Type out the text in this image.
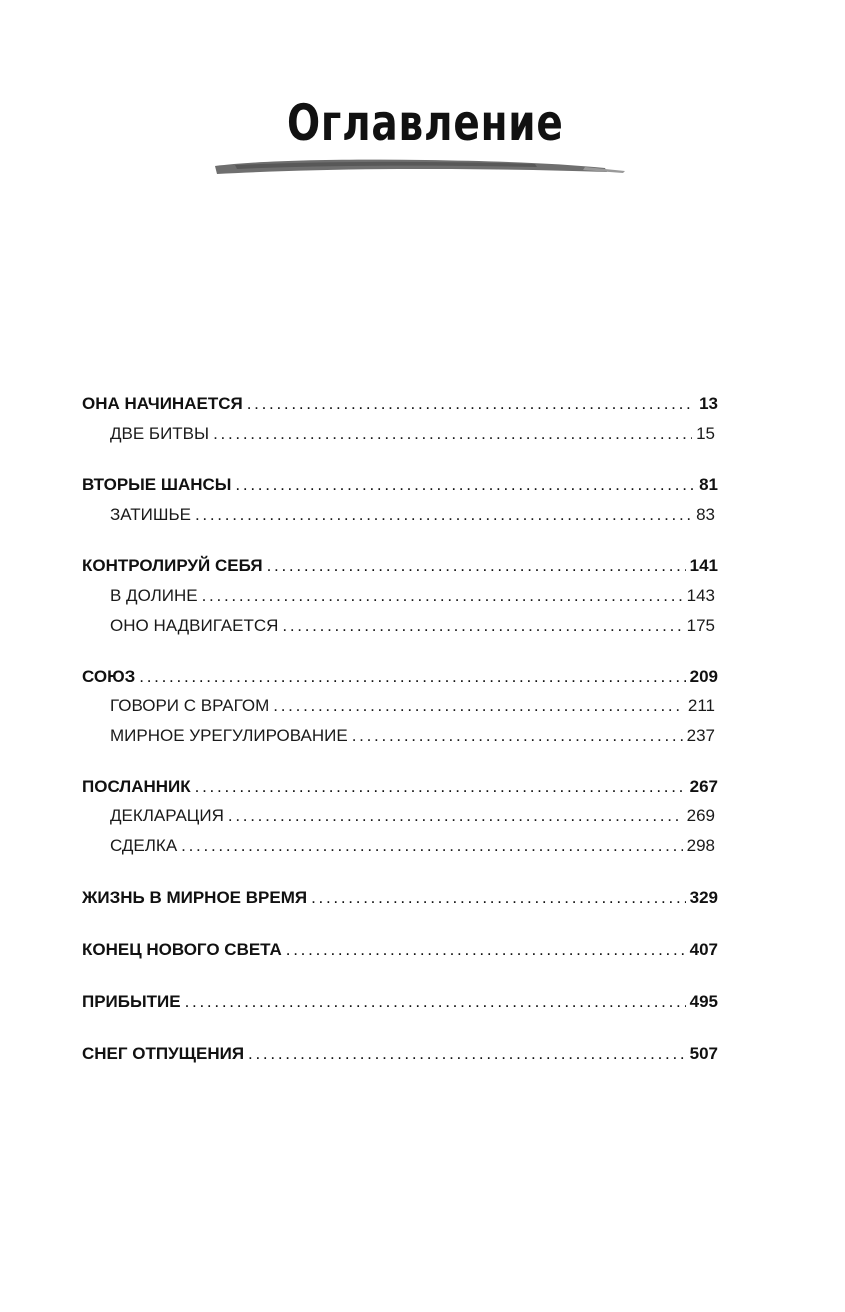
Оглавление
ОНА НАЧИНАЕТСЯ . . .	13
ДВЕ БИТВЫ . . .	15
ВТОРЫЕ ШАНСЫ . . .	81
ЗАТИШЬЕ . . .	83
КОНТРОЛИРУЙ СЕБЯ . . .	141
В ДОЛИНЕ . . .	143
ОНО НАДВИГАЕТСЯ . . .	175
СОЮЗ . . .	209
ГОВОРИ С ВРАГОМ . . .	211
МИРНОЕ УРЕГУЛИРОВАНИЕ . . .	237
ПОСЛАННИК . . .	267
ДЕКЛАРАЦИЯ . . .	269
СДЕЛКА . . .	298
ЖИЗНЬ В МИРНОЕ ВРЕМЯ . . .	329
КОНЕЦ НОВОГО СВЕТА . . .	407
ПРИБЫТИЕ . . .	495
СНЕГ ОТПУЩЕНИЯ . . .	507
